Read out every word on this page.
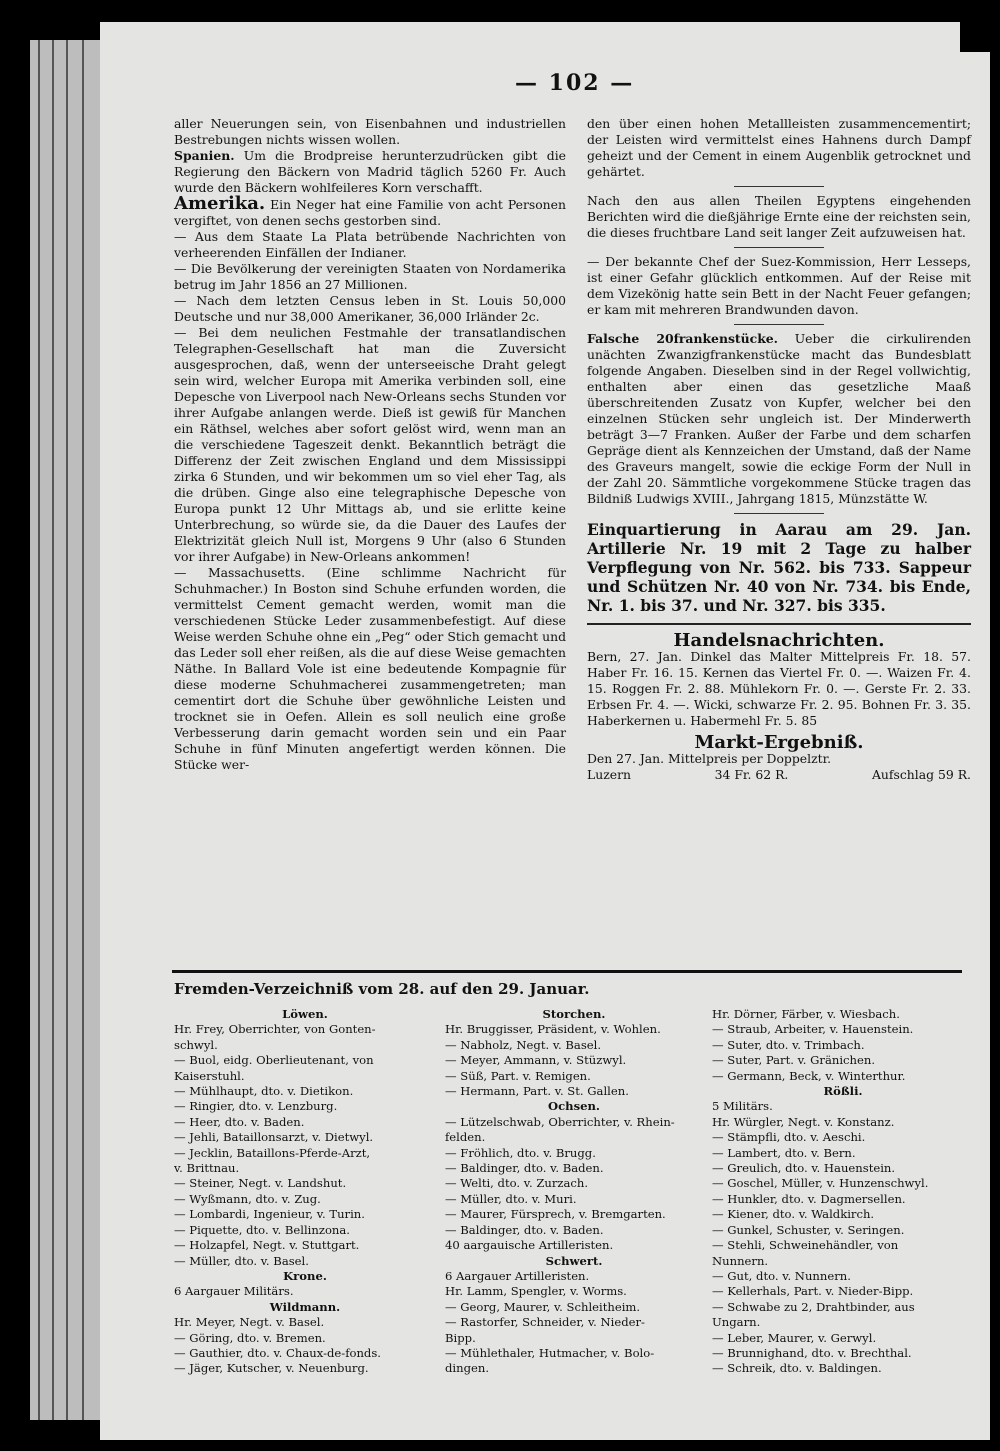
— 102 —

aller Neuerungen sein, von Eisenbahnen und industriellen Bestrebungen nichts wissen wollen.

Spanien. Um die Brodpreise herunterzudrücken gibt die Regierung den Bäckern von Madrid täglich 5260 Fr. Auch wurde den Bäckern wohlfeileres Korn verschafft.

Amerika. Ein Neger hat eine Familie von acht Personen vergiftet, von denen sechs gestorben sind.

— Aus dem Staate La Plata betrübende Nachrichten von verheerenden Einfällen der Indianer.

— Die Bevölkerung der vereinigten Staaten von Nordamerika betrug im Jahr 1856 an 27 Millionen.

— Nach dem letzten Census leben in St. Louis 50,000 Deutsche und nur 38,000 Amerikaner, 36,000 Irländer 2c.

— Bei dem neulichen Festmahle der transatlandischen Telegraphen-Gesellschaft hat man die Zuversicht ausgesprochen, daß, wenn der unterseeische Draht gelegt sein wird, welcher Europa mit Amerika verbinden soll, eine Depesche von Liverpool nach New-Orleans sechs Stunden vor ihrer Aufgabe anlangen werde. Dieß ist gewiß für Manchen ein Räthsel, welches aber sofort gelöst wird, wenn man an die verschiedene Tageszeit denkt. Bekanntlich beträgt die Differenz der Zeit zwischen England und dem Mississippi zirka 6 Stunden, und wir bekommen um so viel eher Tag, als die drüben. Ginge also eine telegraphische Depesche von Europa punkt 12 Uhr Mittags ab, und sie erlitte keine Unterbrechung, so würde sie, da die Dauer des Laufes der Elektrizität gleich Null ist, Morgens 9 Uhr (also 6 Stunden vor ihrer Aufgabe) in New-Orleans ankommen!

— Massachusetts. (Eine schlimme Nachricht für Schuhmacher.) In Boston sind Schuhe erfunden worden, die vermittelst Cement gemacht werden, womit man die verschiedenen Stücke Leder zusammenbefestigt. Auf diese Weise werden Schuhe ohne ein „Peg“ oder Stich gemacht und das Leder soll eher reißen, als die auf diese Weise gemachten Näthe. In Ballard Vole ist eine bedeutende Kompagnie für diese moderne Schuhmacherei zusammengetreten; man cementirt dort die Schuhe über gewöhnliche Leisten und trocknet sie in Oefen. Allein es soll neulich eine große Verbesserung darin gemacht worden sein und ein Paar Schuhe in fünf Minuten angefertigt werden können. Die Stücke wer-

den über einen hohen Metallleisten zusammencementirt; der Leisten wird vermittelst eines Hahnens durch Dampf geheizt und der Cement in einem Augenblik getrocknet und gehärtet.

Nach den aus allen Theilen Egyptens eingehenden Berichten wird die dießjährige Ernte eine der reichsten sein, die dieses fruchtbare Land seit langer Zeit aufzuweisen hat.

— Der bekannte Chef der Suez-Kommission, Herr Lesseps, ist einer Gefahr glücklich entkommen. Auf der Reise mit dem Vizekönig hatte sein Bett in der Nacht Feuer gefangen; er kam mit mehreren Brandwunden davon.

Falsche 20frankenstücke. Ueber die cirkulirenden unächten Zwanzigfrankenstücke macht das Bundesblatt folgende Angaben. Dieselben sind in der Regel vollwichtig, enthalten aber einen das gesetzliche Maaß überschreitenden Zusatz von Kupfer, welcher bei den einzelnen Stücken sehr ungleich ist. Der Minderwerth beträgt 3—7 Franken. Außer der Farbe und dem scharfen Gepräge dient als Kennzeichen der Umstand, daß der Name des Graveurs mangelt, sowie die eckige Form der Null in der Zahl 20. Sämmtliche vorgekommene Stücke tragen das Bildniß Ludwigs XVIII., Jahrgang 1815, Münzstätte W.

Einquartierung in Aarau am 29. Jan. Artillerie Nr. 19 mit 2 Tage zu halber Verpflegung von Nr. 562. bis 733. Sappeur und Schützen Nr. 40 von Nr. 734. bis Ende, Nr. 1. bis 37. und Nr. 327. bis 335.

Handelsnachrichten.

Bern, 27. Jan. Dinkel das Malter Mittelpreis Fr. 18. 57. Haber Fr. 16. 15. Kernen das Viertel Fr. 0. —. Waizen Fr. 4. 15. Roggen Fr. 2. 88. Mühlekorn Fr. 0. —. Gerste Fr. 2. 33. Erbsen Fr. 4. —. Wicki, schwarze Fr. 2. 95. Bohnen Fr. 3. 35. Haberkernen u. Habermehl Fr. 5. 85

Markt-Ergebniß.
Den 27. Jan. Mittelpreis per Doppelztr.
Luzern	34 Fr. 62 R.	Aufschlag 59 R.
Fremden-Verzeichniß vom 28. auf den 29. Januar.
Löwen.
Hr. Frey, Oberrichter, von Gonten-
schwyl.
— Buol, eidg. Oberlieutenant, von
Kaiserstuhl.
— Mühlhaupt, dto. v. Dietikon.
— Ringier, dto. v. Lenzburg.
— Heer, dto. v. Baden.
— Jehli, Bataillonsarzt, v. Dietwyl.
— Jecklin, Bataillons-Pferde-Arzt,
v. Brittnau.
— Steiner, Negt. v. Landshut.
— Wyßmann, dto. v. Zug.
— Lombardi, Ingenieur, v. Turin.
— Piquette, dto. v. Bellinzona.
— Holzapfel, Negt. v. Stuttgart.
— Müller, dto. v. Basel.
Krone.
6 Aargauer Militärs.
Wildmann.
Hr. Meyer, Negt. v. Basel.
— Göring, dto. v. Bremen.
— Gauthier, dto. v. Chaux-de-fonds.
— Jäger, Kutscher, v. Neuenburg.
Storchen.
Hr. Bruggisser, Präsident, v. Wohlen.
— Nabholz, Negt. v. Basel.
— Meyer, Ammann, v. Stüzwyl.
— Süß, Part. v. Remigen.
— Hermann, Part. v. St. Gallen.
Ochsen.
— Lützelschwab, Oberrichter, v. Rhein-
felden.
— Fröhlich, dto. v. Brugg.
— Baldinger, dto. v. Baden.
— Welti, dto. v. Zurzach.
— Müller, dto. v. Muri.
— Maurer, Fürsprech, v. Bremgarten.
— Baldinger, dto. v. Baden.
40 aargauische Artilleristen.
Schwert.
6 Aargauer Artilleristen.
Hr. Lamm, Spengler, v. Worms.
— Georg, Maurer, v. Schleitheim.
— Rastorfer, Schneider, v. Nieder-
Bipp.
— Mühlethaler, Hutmacher, v. Bolo-
dingen.
Hr. Dörner, Färber, v. Wiesbach.
— Straub, Arbeiter, v. Hauenstein.
— Suter, dto. v. Trimbach.
— Suter, Part. v. Gränichen.
— Germann, Beck, v. Winterthur.
Rößli.
5 Militärs.
Hr. Würgler, Negt. v. Konstanz.
— Stämpfli, dto. v. Aeschi.
— Lambert, dto. v. Bern.
— Greulich, dto. v. Hauenstein.
— Goschel, Müller, v. Hunzenschwyl.
— Hunkler, dto. v. Dagmersellen.
— Kiener, dto. v. Waldkirch.
— Gunkel, Schuster, v. Seringen.
— Stehli, Schweinehändler, von
Nunnern.
— Gut, dto. v. Nunnern.
— Kellerhals, Part. v. Nieder-Bipp.
— Schwabe zu 2, Drahtbinder, aus
Ungarn.
— Leber, Maurer, v. Gerwyl.
— Brunnighand, dto. v. Brechthal.
— Schreik, dto. v. Baldingen.
